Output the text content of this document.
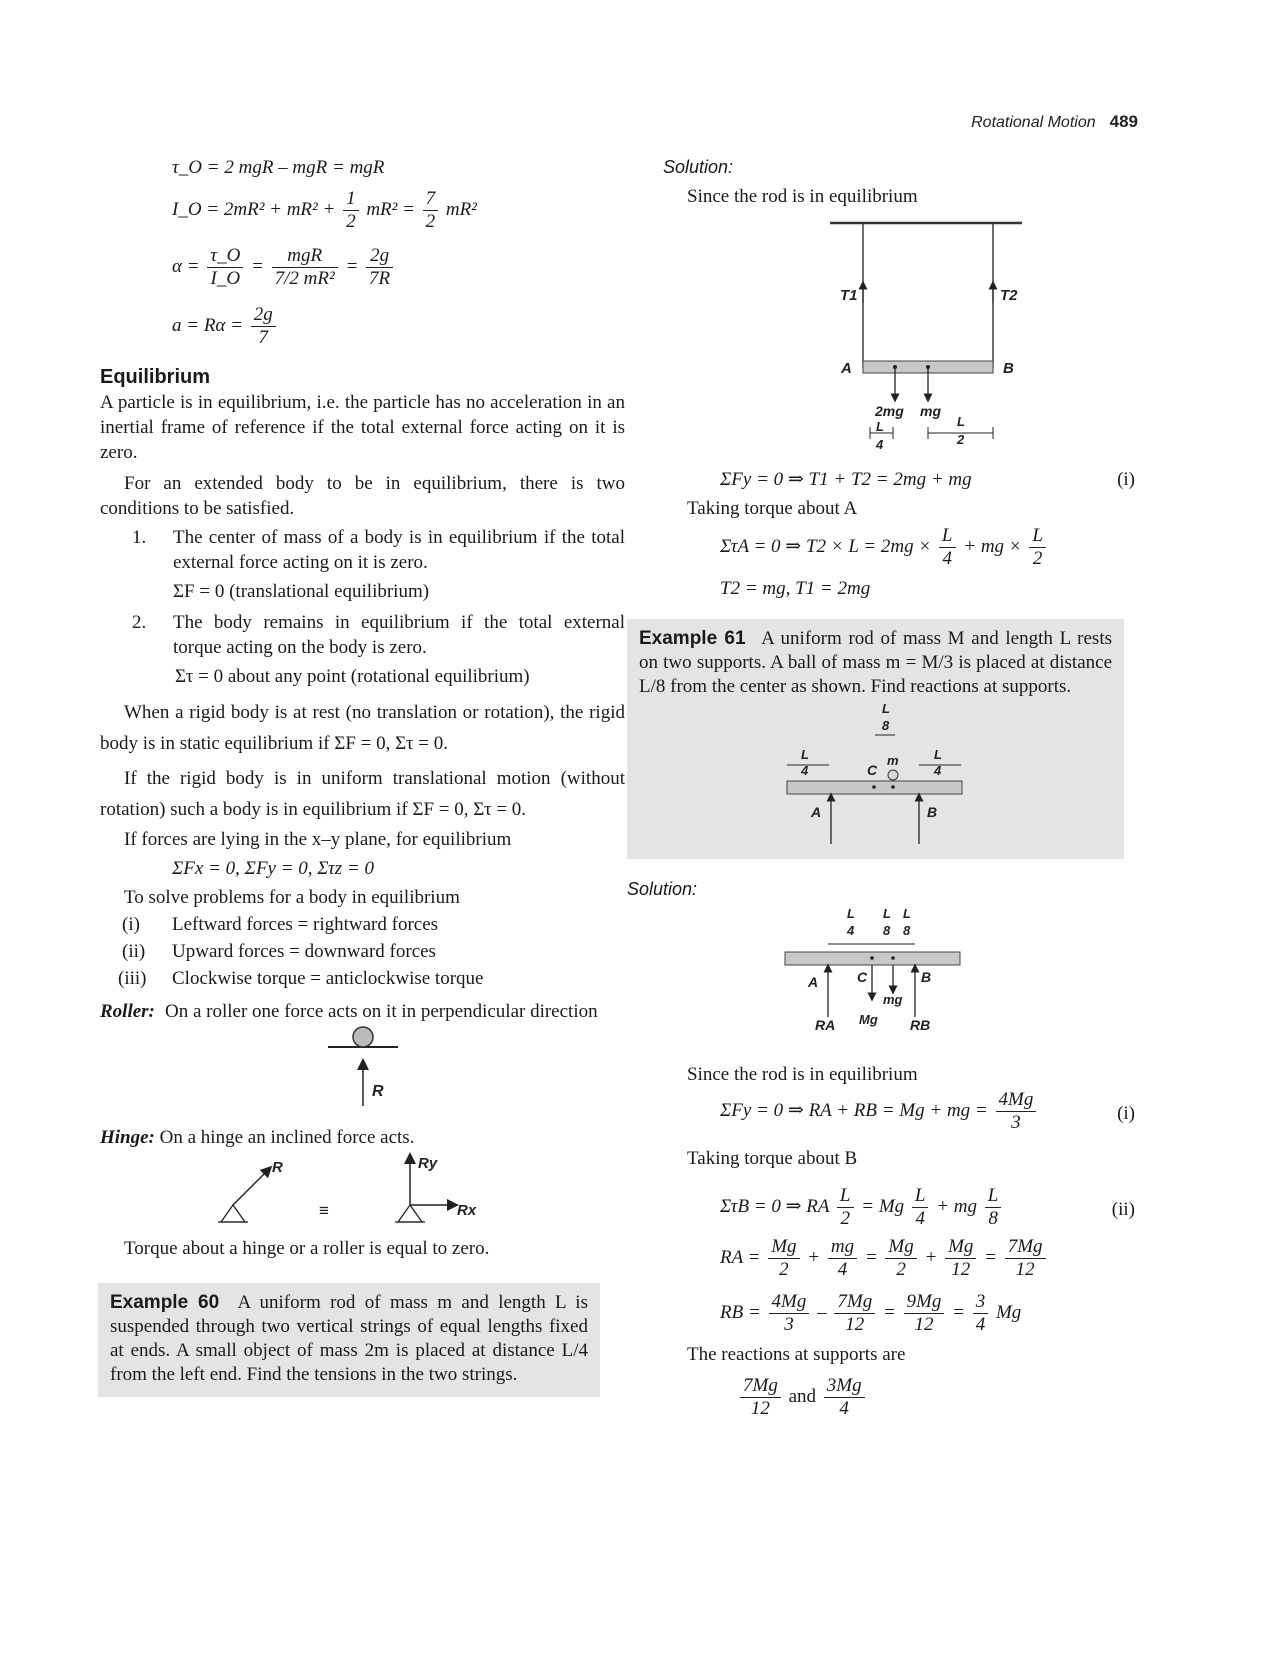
Rotational Motion 489
τ_O = 2 mgR – mgR = mgR
I_O = $2mR^2 + mR^2 + \frac{1}{2} mR^2 = \frac{7}{2} mR^2$
$\alpha = \frac{\tau\_O}{I\_O} = \frac{\text{mgR}}{\text{7/2 mR²}} = \frac{2g}{7R}$
$a = R\alpha = \frac{2g}{7}$
Equilibrium

A particle is in equilibrium, i.e. the particle has no acceleration in an inertial frame of reference if the total external force acting on it is zero.

For an extended body to be in equilibrium, there is two conditions to be satisfied.

1. The center of mass of a body is in equilibrium if the total external force acting on it is zero.
ΣF = 0 (translational equilibrium)
2. The body remains in equilibrium if the total external torque acting on the body is zero.
Στ = 0 about any point (rotational equilibrium)

When a rigid body is at rest (no translation or rotation), the rigid body is in static equilibrium if ΣF = 0, Στ = 0.

If the rigid body is in uniform translational motion (without rotation) such a body is in equilibrium if ΣF = 0, Στ = 0.

If forces are lying in the x–y plane, for equilibrium

ΣFx = 0, ΣFy = 0, Στz = 0

To solve problems for a body in equilibrium

(i) Leftward forces = rightward forces
(ii) Upward forces = downward forces
(iii) Clockwise torque = anticlockwise torque
Roller: On a roller one force acts on it in perpendicular direction
R
Hinge: On a hinge an inclined force acts.
R
≡
Ry
Rx

Torque about a hinge or a roller is equal to zero.

Example 60 A uniform rod of mass m and length L is suspended through two vertical strings of equal lengths fixed at ends. A small object of mass 2m is placed at distance L/4 from the left end. Find the tensions in the two strings.
Solution:

Since the rod is in equilibrium

T1	T2
A	B
2mg mg
L
4
L
2
ΣFy = 0 ⇒ T1 + T2 = 2mg + mg	(i)

Taking torque about A

ΣτA = 0 ⇒ $T2 \times L = 2mg \times \frac{L}{4}$ + mg × $\frac{L}{2}$
T2 = mg, T1 = 2mg
Example 61 A uniform rod of mass M and length L rests on two supports. A ball of mass m = M/3 is placed at distance L/8 from the center as shown. Find reactions at supports.
L
8
L
4
L
4
C
m
A	B
Solution:
L
4
L
8
L
8
A	C	B
mg
Mg
RA	RB

Since the rod is in equilibrium

ΣFy = 0 ⇒ RA + RB = Mg + mg = $\frac{4Mg}{3}$	(i)

Taking torque about B

ΣτB = 0 ⇒ RA $\frac{L}{2} = Mg \frac{L}{4}$ + mg $\frac{L}{8}$	(ii)
RA = $\frac{Mg}{2} + \frac{mg}{4} = \frac{Mg}{2} + \frac{Mg}{12} = \frac{7Mg}{12}$
RB = $\frac{4Mg}{3} - \frac{7Mg}{12} = \frac{9Mg}{12} = \frac{3}{4}$ Mg

The reactions at supports are

$\frac{7Mg}{12}$ and $\frac{3Mg}{4}$
